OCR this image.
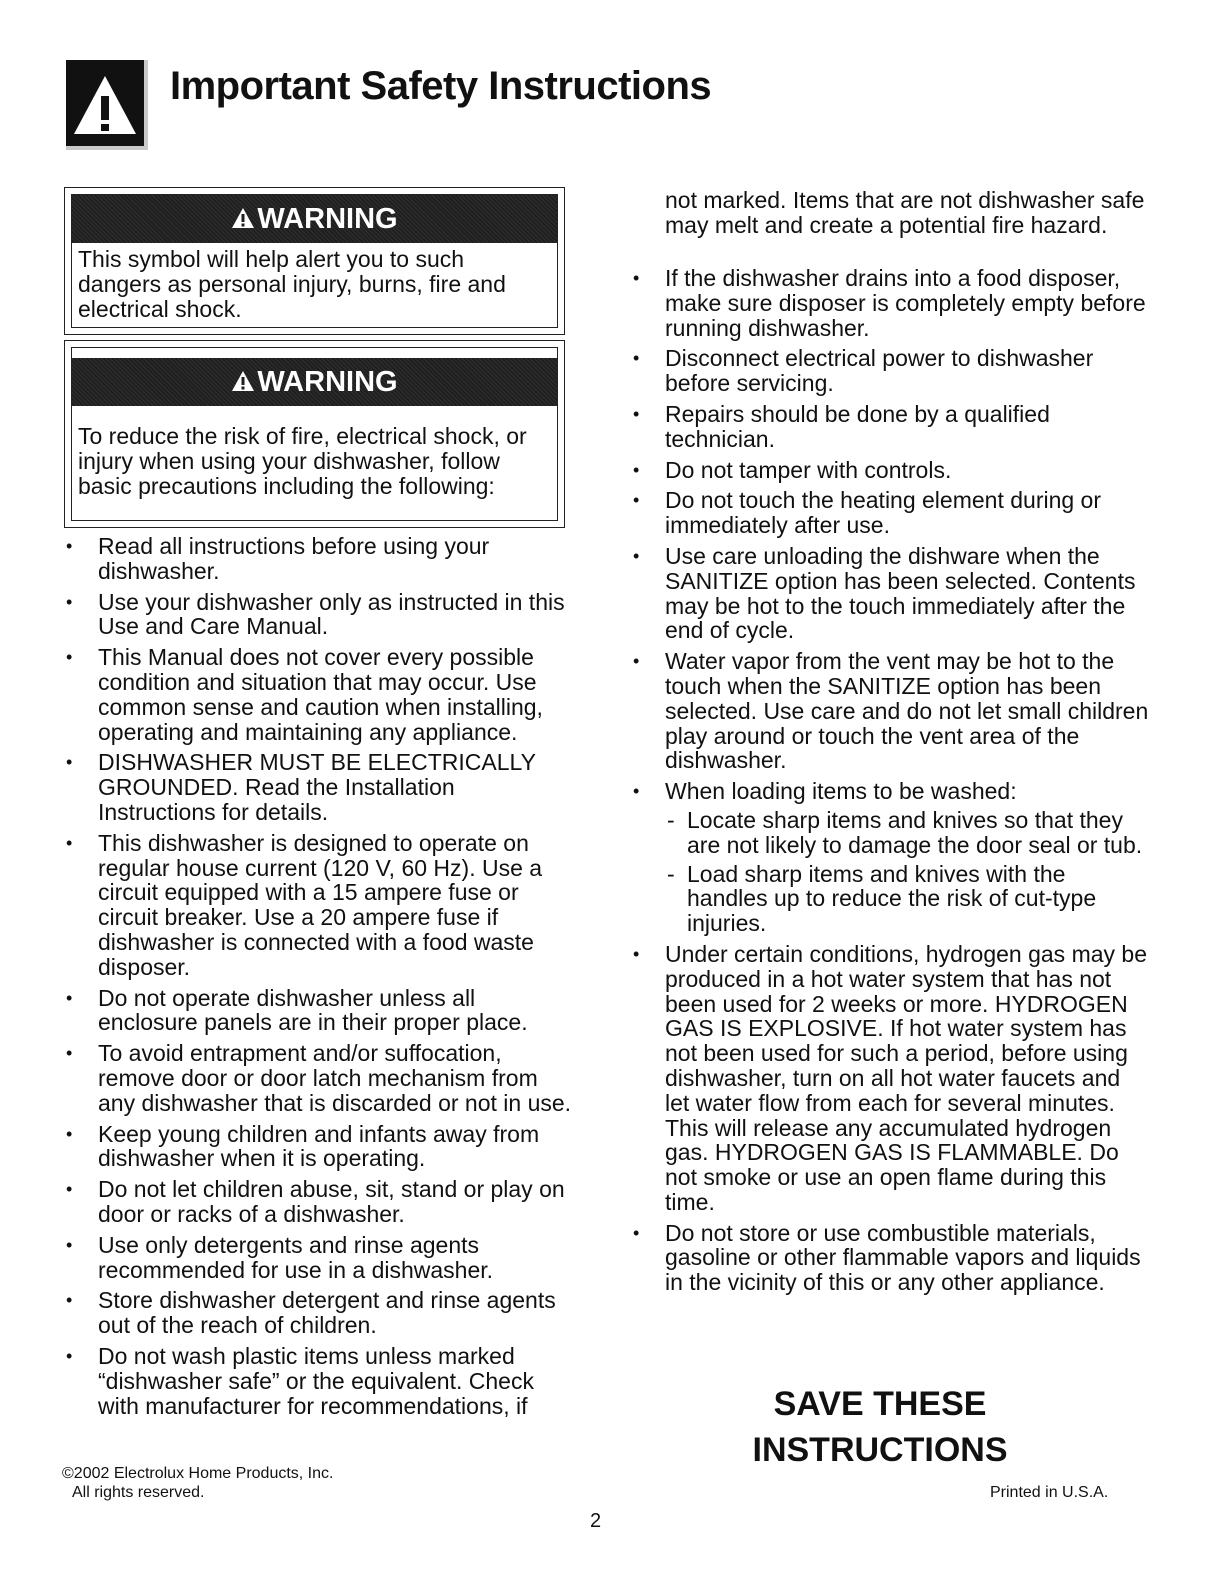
Important Safety Instructions
WARNING
This symbol will help alert you to such dangers as personal injury, burns, fire and electrical shock.
WARNING
To reduce the risk of fire, electrical shock, or injury when using your dishwasher, follow basic precautions including the following:
• Read all instructions before using your dishwasher.
• Use your dishwasher only as instructed in this Use and Care Manual.
• This Manual does not cover every possible condition and situation that may occur. Use common sense and caution when installing, operating and maintaining any appliance.
• DISHWASHER MUST BE ELECTRICALLY GROUNDED. Read the Installation Instructions for details.
• This dishwasher is designed to operate on regular house current (120 V, 60 Hz). Use a circuit equipped with a 15 ampere fuse or circuit breaker. Use a 20 ampere fuse if dishwasher is connected with a food waste disposer.
• Do not operate dishwasher unless all enclosure panels are in their proper place.
• To avoid entrapment and/or suffocation, remove door or door latch mechanism from any dishwasher that is discarded or not in use.
• Keep young children and infants away from dishwasher when it is operating.
• Do not let children abuse, sit, stand or play on door or racks of a dishwasher.
• Use only detergents and rinse agents recommended for use in a dishwasher.
• Store dishwasher detergent and rinse agents out of the reach of children.
• Do not wash plastic items unless marked “dishwasher safe” or the equivalent. Check with manufacturer for recommendations, if
not marked. Items that are not dishwasher safe may melt and create a potential fire hazard.
• If the dishwasher drains into a food disposer, make sure disposer is completely empty before running dishwasher.
• Disconnect electrical power to dishwasher before servicing.
• Repairs should be done by a qualified technician.
• Do not tamper with controls.
• Do not touch the heating element during or immediately after use.
• Use care unloading the dishware when the SANITIZE option has been selected. Contents may be hot to the touch immediately after the end of cycle.
• Water vapor from the vent may be hot to the touch when the SANITIZE option has been selected. Use care and do not let small children play around or touch the vent area of the dishwasher.
• When loading items to be washed:
- Locate sharp items and knives so that they are not likely to damage the door seal or tub.
- Load sharp items and knives with the handles up to reduce the risk of cut-type injuries.
• Under certain conditions, hydrogen gas may be produced in a hot water system that has not been used for 2 weeks or more. HYDROGEN GAS IS EXPLOSIVE. If hot water system has not been used for such a period, before using dishwasher, turn on all hot water faucets and let water flow from each for several minutes. This will release any accumulated hydrogen gas. HYDROGEN GAS IS FLAMMABLE. Do not smoke or use an open flame during this time.
• Do not store or use combustible materials, gasoline or other flammable vapors and liquids in the vicinity of this or any other appliance.
SAVE THESE
INSTRUCTIONS
©2002 Electrolux Home Products, Inc.
All rights reserved.	Printed in U.S.A.
2
